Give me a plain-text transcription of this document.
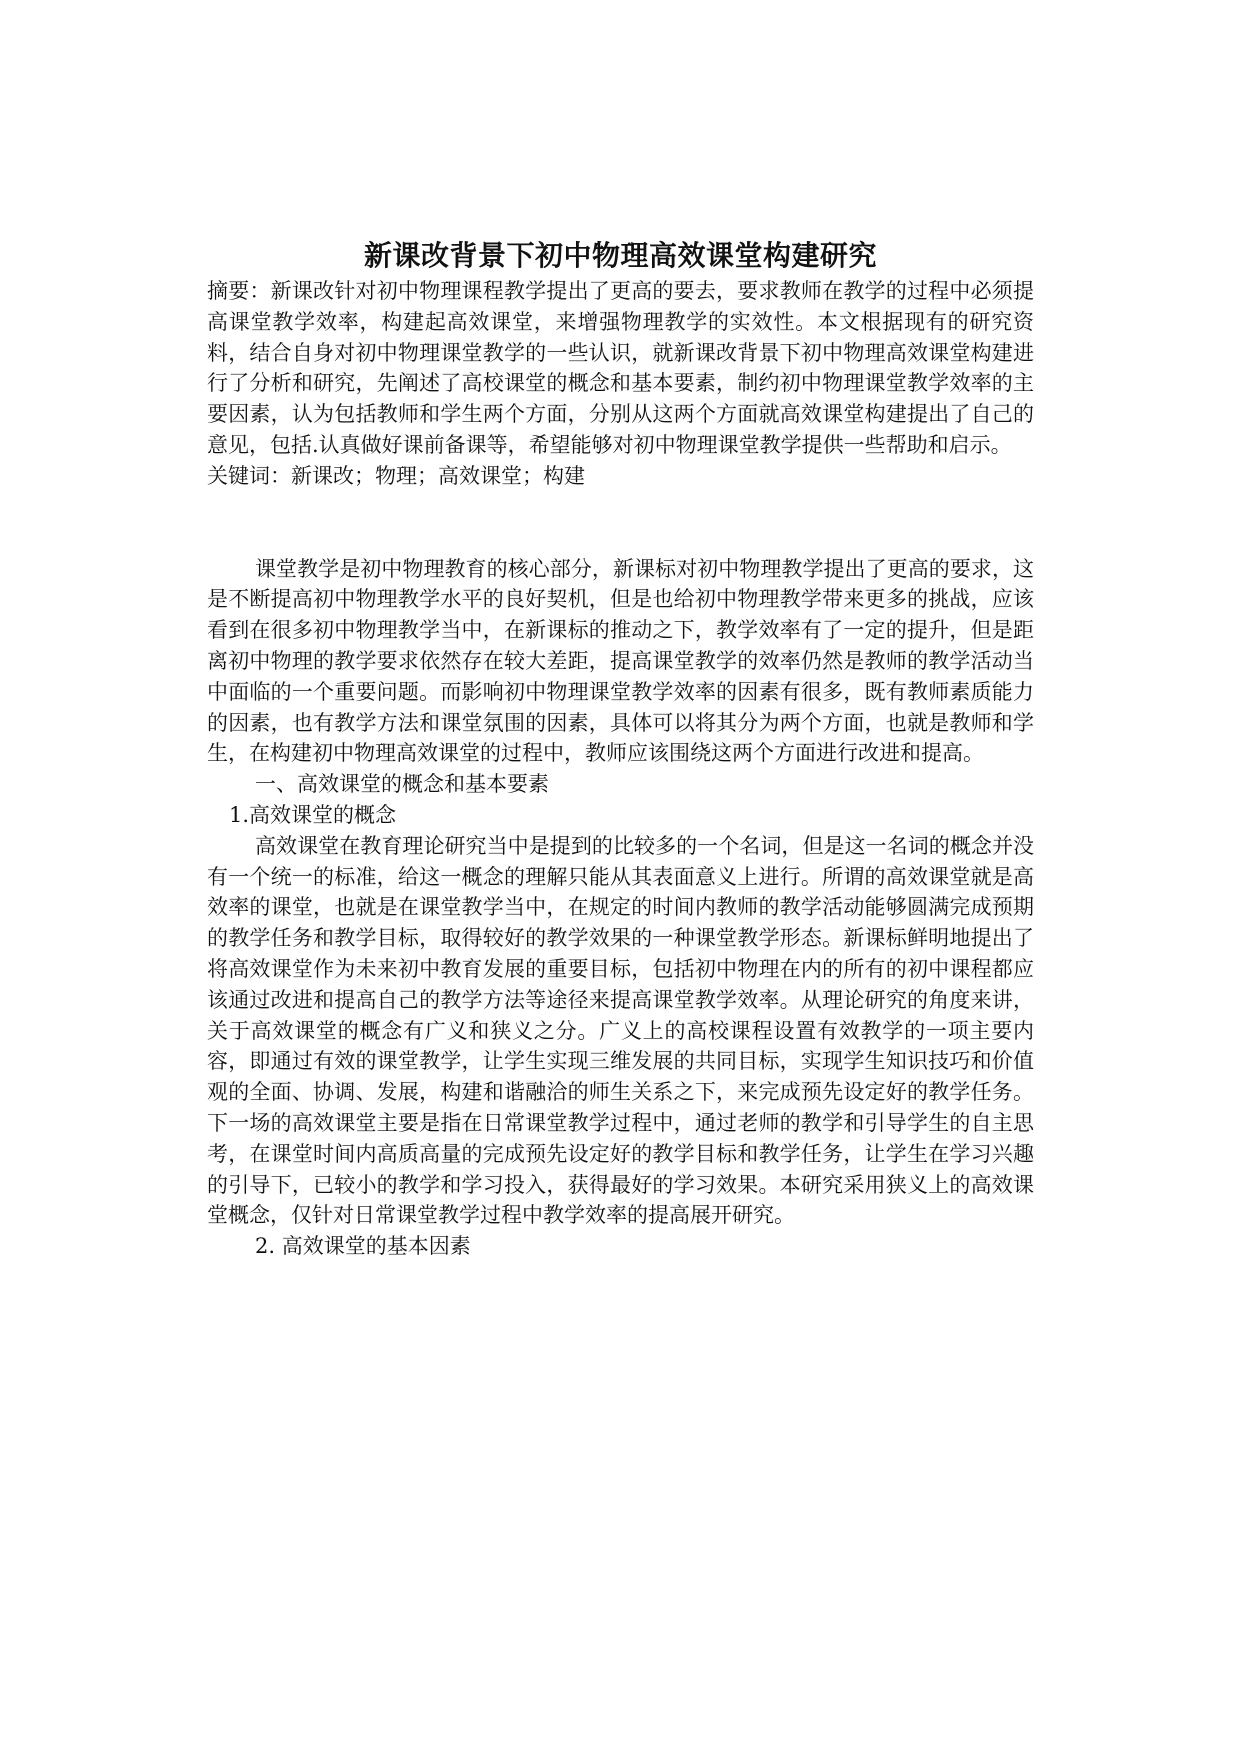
新课改背景下初中物理高效课堂构建研究

摘要：新课改针对初中物理课程教学提出了更高的要去，要求教师在教学的过程中必须提高课堂教学效率，构建起高效课堂，来增强物理教学的实效性。本文根据现有的研究资料，结合自身对初中物理课堂教学的一些认识，就新课改背景下初中物理高效课堂构建进行了分析和研究，先阐述了高校课堂的概念和基本要素，制约初中物理课堂教学效率的主要因素，认为包括教师和学生两个方面，分别从这两个方面就高效课堂构建提出了自己的意见，包括.认真做好课前备课等，希望能够对初中物理课堂教学提供一些帮助和启示。

关键词：新课改；物理；高效课堂；构建

课堂教学是初中物理教育的核心部分，新课标对初中物理教学提出了更高的要求，这是不断提高初中物理教学水平的良好契机，但是也给初中物理教学带来更多的挑战，应该看到在很多初中物理教学当中，在新课标的推动之下，教学效率有了一定的提升，但是距离初中物理的教学要求依然存在较大差距，提高课堂教学的效率仍然是教师的教学活动当中面临的一个重要问题。而影响初中物理课堂教学效率的因素有很多，既有教师素质能力的因素，也有教学方法和课堂氛围的因素，具体可以将其分为两个方面，也就是教师和学生，在构建初中物理高效课堂的过程中，教师应该围绕这两个方面进行改进和提高。

一、高效课堂的概念和基本要素

1.高效课堂的概念

高效课堂在教育理论研究当中是提到的比较多的一个名词，但是这一名词的概念并没有一个统一的标准，给这一概念的理解只能从其表面意义上进行。所谓的高效课堂就是高效率的课堂，也就是在课堂教学当中，在规定的时间内教师的教学活动能够圆满完成预期的教学任务和教学目标，取得较好的教学效果的一种课堂教学形态。新课标鲜明地提出了将高效课堂作为未来初中教育发展的重要目标，包括初中物理在内的所有的初中课程都应该通过改进和提高自己的教学方法等途径来提高课堂教学效率。从理论研究的角度来讲，关于高效课堂的概念有广义和狭义之分。广义上的高校课程设置有效教学的一项主要内容，即通过有效的课堂教学，让学生实现三维发展的共同目标，实现学生知识技巧和价值观的全面、协调、发展，构建和谐融洽的师生关系之下，来完成预先设定好的教学任务。下一场的高效课堂主要是指在日常课堂教学过程中，通过老师的教学和引导学生的自主思考，在课堂时间内高质高量的完成预先设定好的教学目标和教学任务，让学生在学习兴趣的引导下，已较小的教学和学习投入，获得最好的学习效果。本研究采用狭义上的高效课堂概念，仅针对日常课堂教学过程中教学效率的提高展开研究。

2. 高效课堂的基本因素
